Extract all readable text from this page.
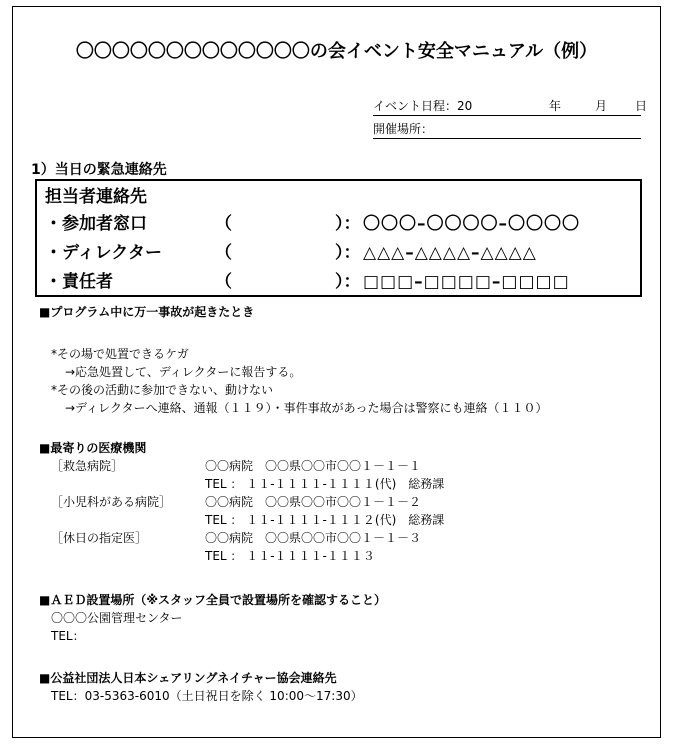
〇〇〇〇〇〇〇〇〇〇〇〇〇の会イベント安全マニュアル（例）
イベント日程：20	年	月 日
開催場所：
1）当日の緊急連絡先
担当者連絡先
・参加者窓口	（	）： 〇〇〇–〇〇〇〇–〇〇〇〇
・ディレクター	（	）： △△△–△△△△–△△△△
・責任者	（	）： □□□–□□□□–□□□□
■プログラム中に万一事故が起きたとき
*その場で処置できるケガ
→応急処置して、ディレクターに報告する。
*その後の活動に参加できない、動けない
→ディレクターへ連絡、通報（１１９）・事件事故があった場合は警察にも連絡（１１０）
■最寄りの医療機関
［救急病院］	〇〇病院　〇〇県〇〇市〇〇１－１－１
TEL ： １１-１１１１-１１１１(代)　総務課
［小児科がある病院］	〇〇病院　〇〇県〇〇市〇〇１－１－２
TEL ： １１-１１１１-１１１２(代)　総務課
［休日の指定医］	〇〇病院　〇〇県〇〇市〇〇１－１－３
TEL ： １１-１１１１-１１１３
■ＡＥＤ設置場所（※スタッフ全員で設置場所を確認すること）
〇〇〇公園管理センター
TEL：
■公益社団法人日本シェアリングネイチャー協会連絡先
TEL：03-5363-6010（土日祝日を除く 10:00～17:30）
